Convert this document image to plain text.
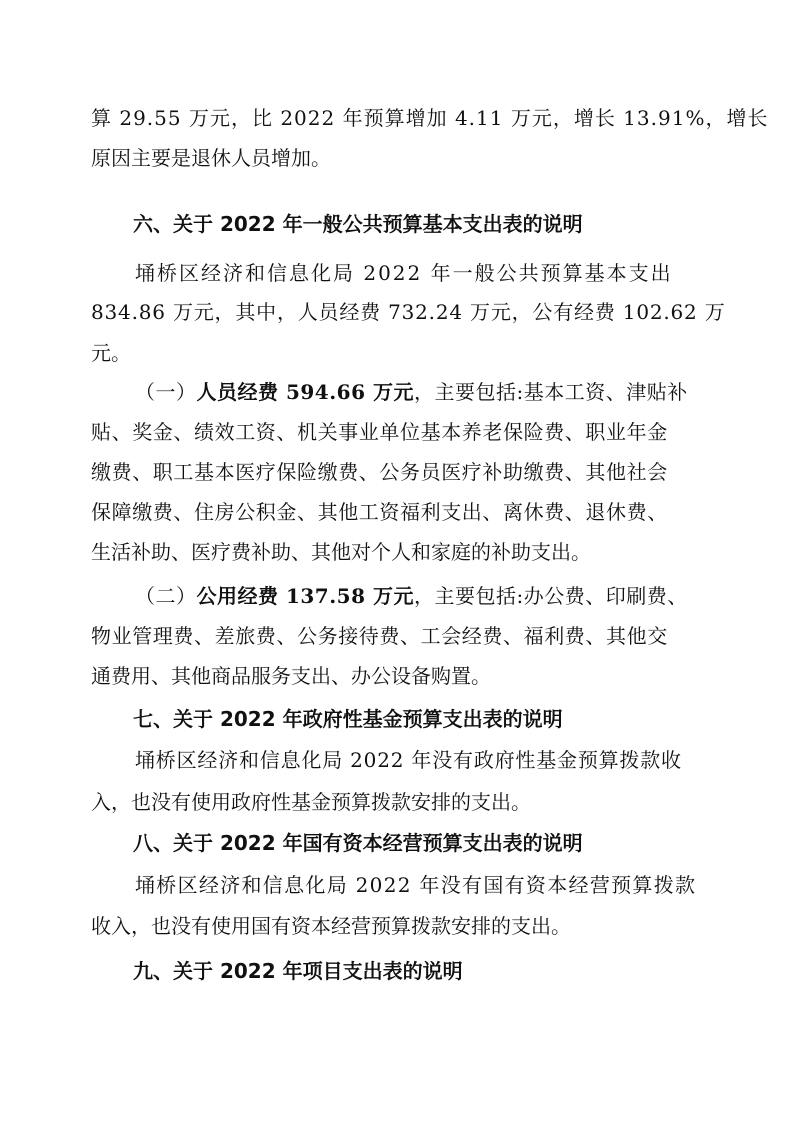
算 29.55 万元，比 2022 年预算增加 4.11 万元，增长 13.91%，增长
原因主要是退休人员增加。
六、关于 2022 年一般公共预算基本支出表的说明
埇桥区经济和信息化局 2022 年一般公共预算基本支出
834.86 万元，其中，人员经费 732.24 万元，公有经费 102.62 万
元。
（一）人员经费 594.66 万元，主要包括:基本工资、津贴补
贴、奖金、绩效工资、机关事业单位基本养老保险费、职业年金
缴费、职工基本医疗保险缴费、公务员医疗补助缴费、其他社会
保障缴费、住房公积金、其他工资福利支出、离休费、退休费、
生活补助、医疗费补助、其他对个人和家庭的补助支出。
（二）公用经费 137.58 万元，主要包括:办公费、印刷费、
物业管理费、差旅费、公务接待费、工会经费、福利费、其他交
通费用、其他商品服务支出、办公设备购置。
七、关于 2022 年政府性基金预算支出表的说明
埇桥区经济和信息化局 2022 年没有政府性基金预算拨款收
入，也没有使用政府性基金预算拨款安排的支出。
八、关于 2022 年国有资本经营预算支出表的说明
埇桥区经济和信息化局 2022 年没有国有资本经营预算拨款
收入，也没有使用国有资本经营预算拨款安排的支出。
九、关于 2022 年项目支出表的说明
